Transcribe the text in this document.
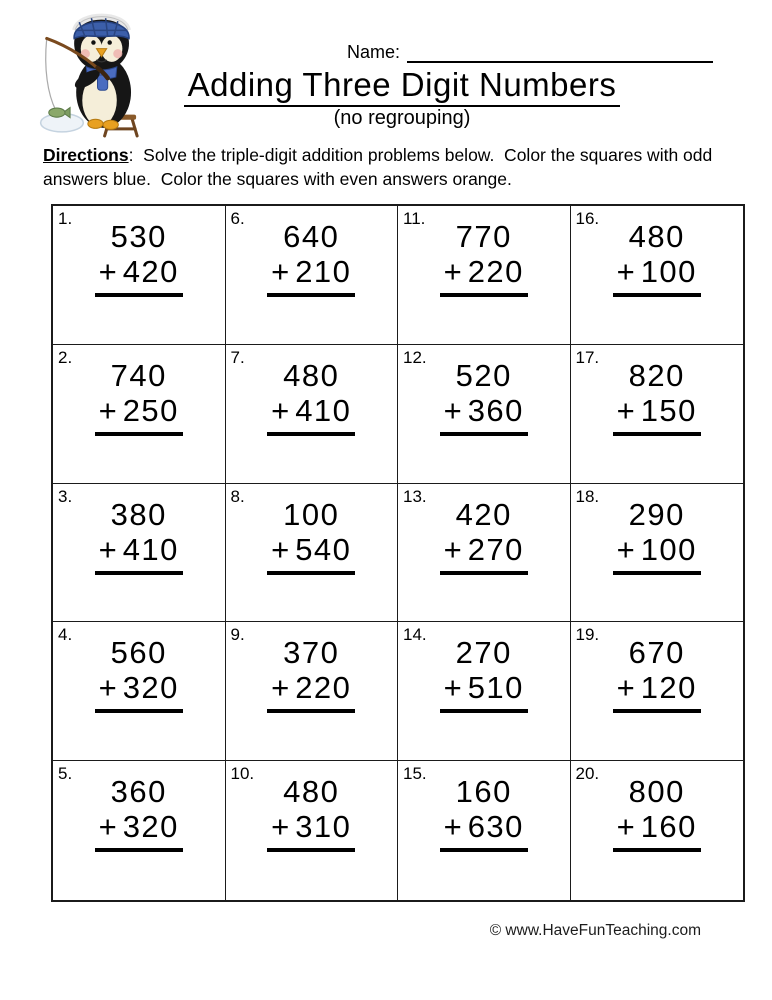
Name:
Adding Three Digit Numbers
(no regrouping)
Directions:  Solve the triple-digit addition problems below.  Color the squares with odd answers blue.  Color the squares with even answers orange.
1.
530
+ 420
6.
640
+ 210
11.
770
+ 220
16.
480
+ 100
2.
740
+ 250
7.
480
+ 410
12.
520
+ 360
17.
820
+ 150
3.
380
+ 410
8.
100
+ 540
13.
420
+ 270
18.
290
+ 100
4.
560
+ 320
9.
370
+ 220
14.
270
+ 510
19.
670
+ 120
5.
360
+ 320
10.
480
+ 310
15.
160
+ 630
20.
800
+ 160
© www.HaveFunTeaching.com
